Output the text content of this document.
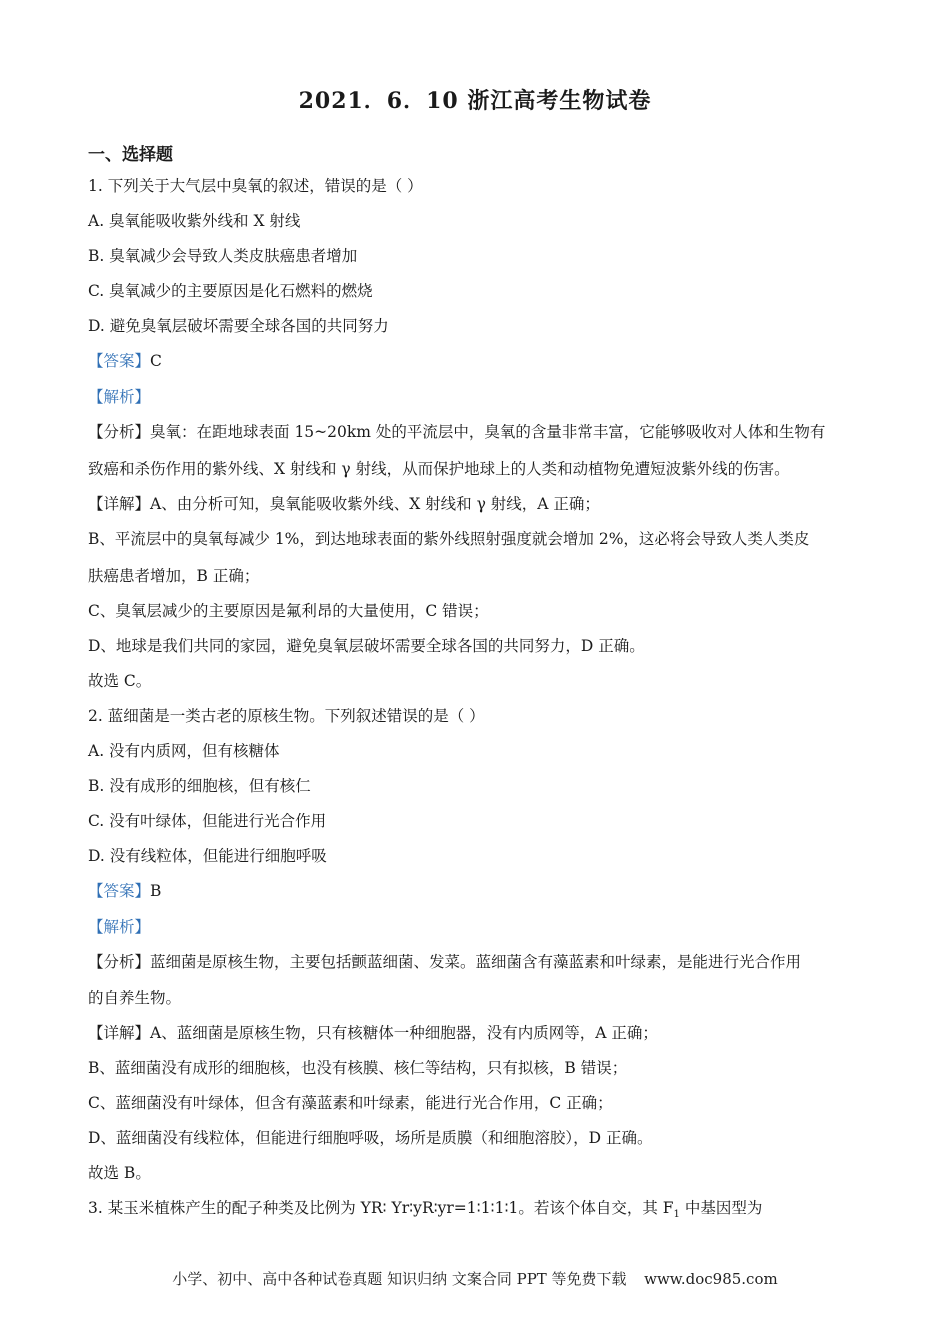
2021．6．10 浙江高考生物试卷
一、选择题
1. 下列关于大气层中臭氧的叙述，错误的是（ ）
A. 臭氧能吸收紫外线和 X 射线
B. 臭氧减少会导致人类皮肤癌患者增加
C. 臭氧减少的主要原因是化石燃料的燃烧
D. 避免臭氧层破坏需要全球各国的共同努力
【答案】C
【解析】
【分析】臭氧：在距地球表面 15~20km 处的平流层中，臭氧的含量非常丰富，它能够吸收对人体和生物有
致癌和杀伤作用的紫外线、X 射线和 γ 射线，从而保护地球上的人类和动植物免遭短波紫外线的伤害。
【详解】A、由分析可知，臭氧能吸收紫外线、X 射线和 γ 射线，A 正确；
B、平流层中的臭氧每减少 1%，到达地球表面的紫外线照射强度就会增加 2%，这必将会导致人类人类皮
肤癌患者增加，B 正确；
C、臭氧层减少的主要原因是氟利昂的大量使用，C 错误；
D、地球是我们共同的家园，避免臭氧层破坏需要全球各国的共同努力，D 正确。
故选 C。
2. 蓝细菌是一类古老的原核生物。下列叙述错误的是（ ）
A. 没有内质网，但有核糖体
B. 没有成形的细胞核，但有核仁
C. 没有叶绿体，但能进行光合作用
D. 没有线粒体，但能进行细胞呼吸
【答案】B
【解析】
【分析】蓝细菌是原核生物，主要包括颤蓝细菌、发菜。蓝细菌含有藻蓝素和叶绿素，是能进行光合作用
的自养生物。
【详解】A、蓝细菌是原核生物，只有核糖体一种细胞器，没有内质网等，A 正确；
B、蓝细菌没有成形的细胞核，也没有核膜、核仁等结构，只有拟核，B 错误；
C、蓝细菌没有叶绿体，但含有藻蓝素和叶绿素，能进行光合作用，C 正确；
D、蓝细菌没有线粒体，但能进行细胞呼吸，场所是质膜（和细胞溶胶），D 正确。
故选 B。
3. 某玉米植株产生的配子种类及比例为 YR∶ Yr∶yR∶yr=1∶1∶1∶1。若该个体自交，其 $F_1$ 中基因型为
小学、初中、高中各种试卷真题 知识归纳 文案合同 PPT 等免费下载 www.doc985.com
